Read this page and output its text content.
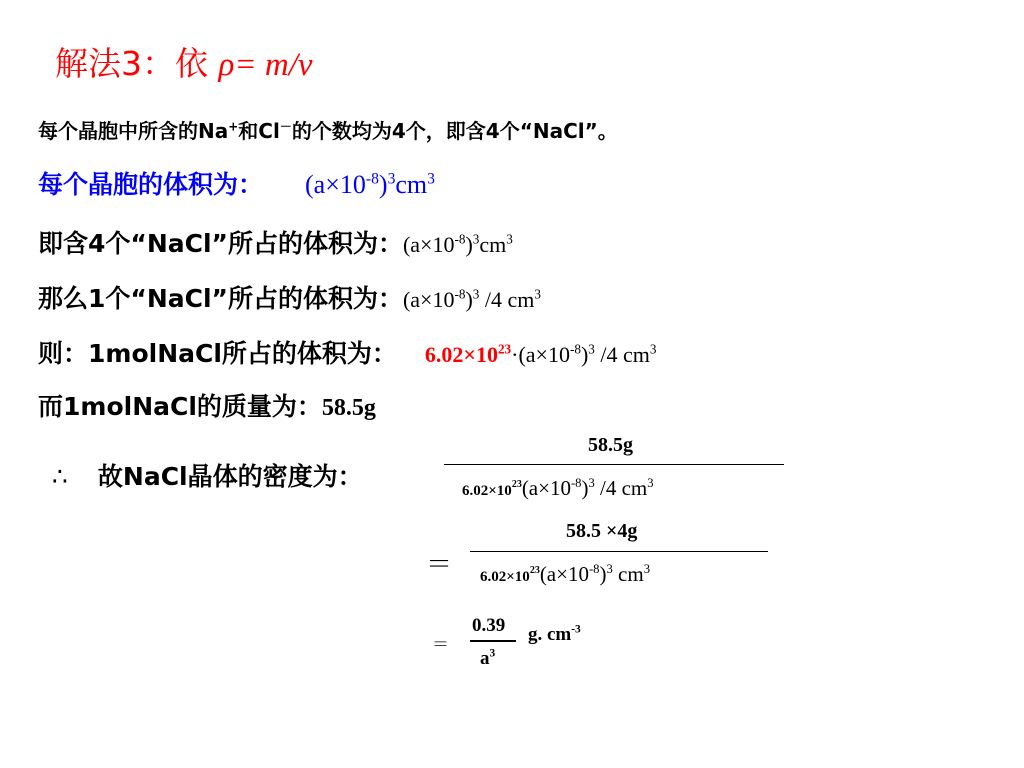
解法3：依 ρ= m/v
每个晶胞中所含的Na+和Cl－的个数均为4个，即含4个“NaCl”。
每个晶胞的体积为： $(a\times 10^{-8})^3cm^3$
即含4个“NaCl”所占的体积为：$(a\times 10^{-8})^3cm^3$
那么1个“NaCl”所占的体积为：$(a\times 10^{-8})^3$ /4 $cm^3$
则：1molNaCl所占的体积为： $6.02\times 10^{23}\cdot(a\times 10^{-8})^3$ /4 $cm^3$
而1molNaCl的质量为：58.5g
∴ 故NaCl晶体的密度为：
58.5g
$6.02\times 10^{23}(a\times 10^{-8})^3$ /4 $cm^3$
＝
58.5 ×4g
$6.02\times 10^{23}(a\times 10^{-8})^3$ $cm^3$
＝
0.39
$a^3$
g. $cm^{-3}$
